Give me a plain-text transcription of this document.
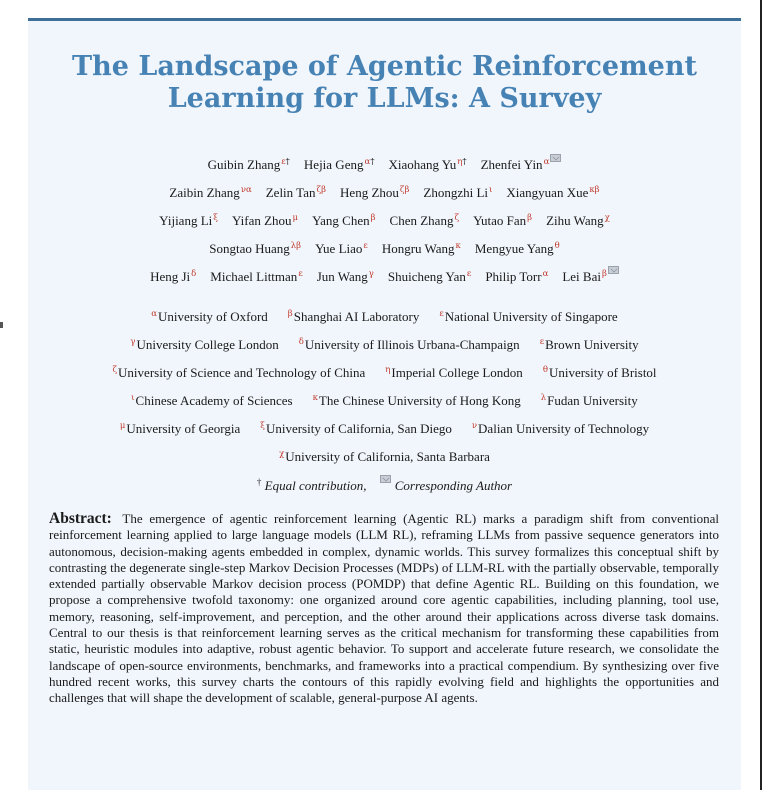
The Landscape of Agentic Reinforcement
Learning for LLMs: A Survey
Guibin Zhang$^{\varepsilon\dagger}$ Hejia Geng$^{\alpha\dagger}$ Xiaohang $Yu^{\eta\dagger}$ Zhenfei Yin$^\alpha$
Zaibin Zhang$^{\nu\alpha}$ Zelin Tan$^{\zeta\beta}$ Heng Zhou$^{\zeta\beta}$ Zhongzhi $Li^\iota$ Xiangyuan Xue$^{\kappa\beta}$
Yijiang $Li^\xi$ Yifan Zhou$^\mu$ Yang Chen$^\beta$ Chen Zhang$^\zeta$ Yutao Fan$^\beta$ Zihu Wang$^\chi$
Songtao Huang$^{\lambda\beta}$ Yue Liao$^\varepsilon$ Hongru Wang$^\kappa$ Mengyue Yang$^\theta$
Heng $Ji^\delta$ Michael Littman$^\varepsilon$ Jun Wang$^\gamma$ Shuicheng Yan$^\varepsilon$ Philip Torr$^\alpha$ Lei Bai$^\beta$
$^\alpha$University of Oxford $^\beta$Shanghai AI Laboratory $^\varepsilon$National University of Singapore
$^\gamma$University College London $^\delta$University of Illinois Urbana-Champaign $^\varepsilon$Brown University
$^\zeta$University of Science and Technology of China $^\eta$Imperial College London $^\theta$University of Bristol
$^\iota$Chinese Academy of Sciences $^\kappa$The Chinese University of Hong Kong $^\lambda$Fudan University
$^\mu$University of Georgia $^\xi$University of California, San Diego $^\nu$Dalian University of Technology
$^\chi$University of California, Santa Barbara
† Equal contribution, Corresponding Author
Abstract: The emergence of agentic reinforcement learning (Agentic RL) marks a paradigm shift from conventional reinforcement learning applied to large language models (LLM RL), reframing LLMs from passive sequence generators into autonomous, decision-making agents embedded in complex, dynamic worlds. This survey formalizes this conceptual shift by contrasting the degenerate single-step Markov Decision Processes (MDPs) of LLM-RL with the partially observable, temporally extended partially observable Markov decision process (POMDP) that define Agentic RL. Building on this foundation, we propose a comprehensive twofold taxonomy: one organized around core agentic capabilities, including planning, tool use, memory, reasoning, self-improvement, and perception, and the other around their applications across diverse task domains. Central to our thesis is that reinforcement learning serves as the critical mechanism for transforming these capabilities from static, heuristic modules into adaptive, robust agentic behavior. To support and accelerate future research, we consolidate the landscape of open-source environments, benchmarks, and frameworks into a practical compendium. By synthesizing over five hundred recent works, this survey charts the contours of this rapidly evolving field and highlights the opportunities and challenges that will shape the development of scalable, general-purpose AI agents.
